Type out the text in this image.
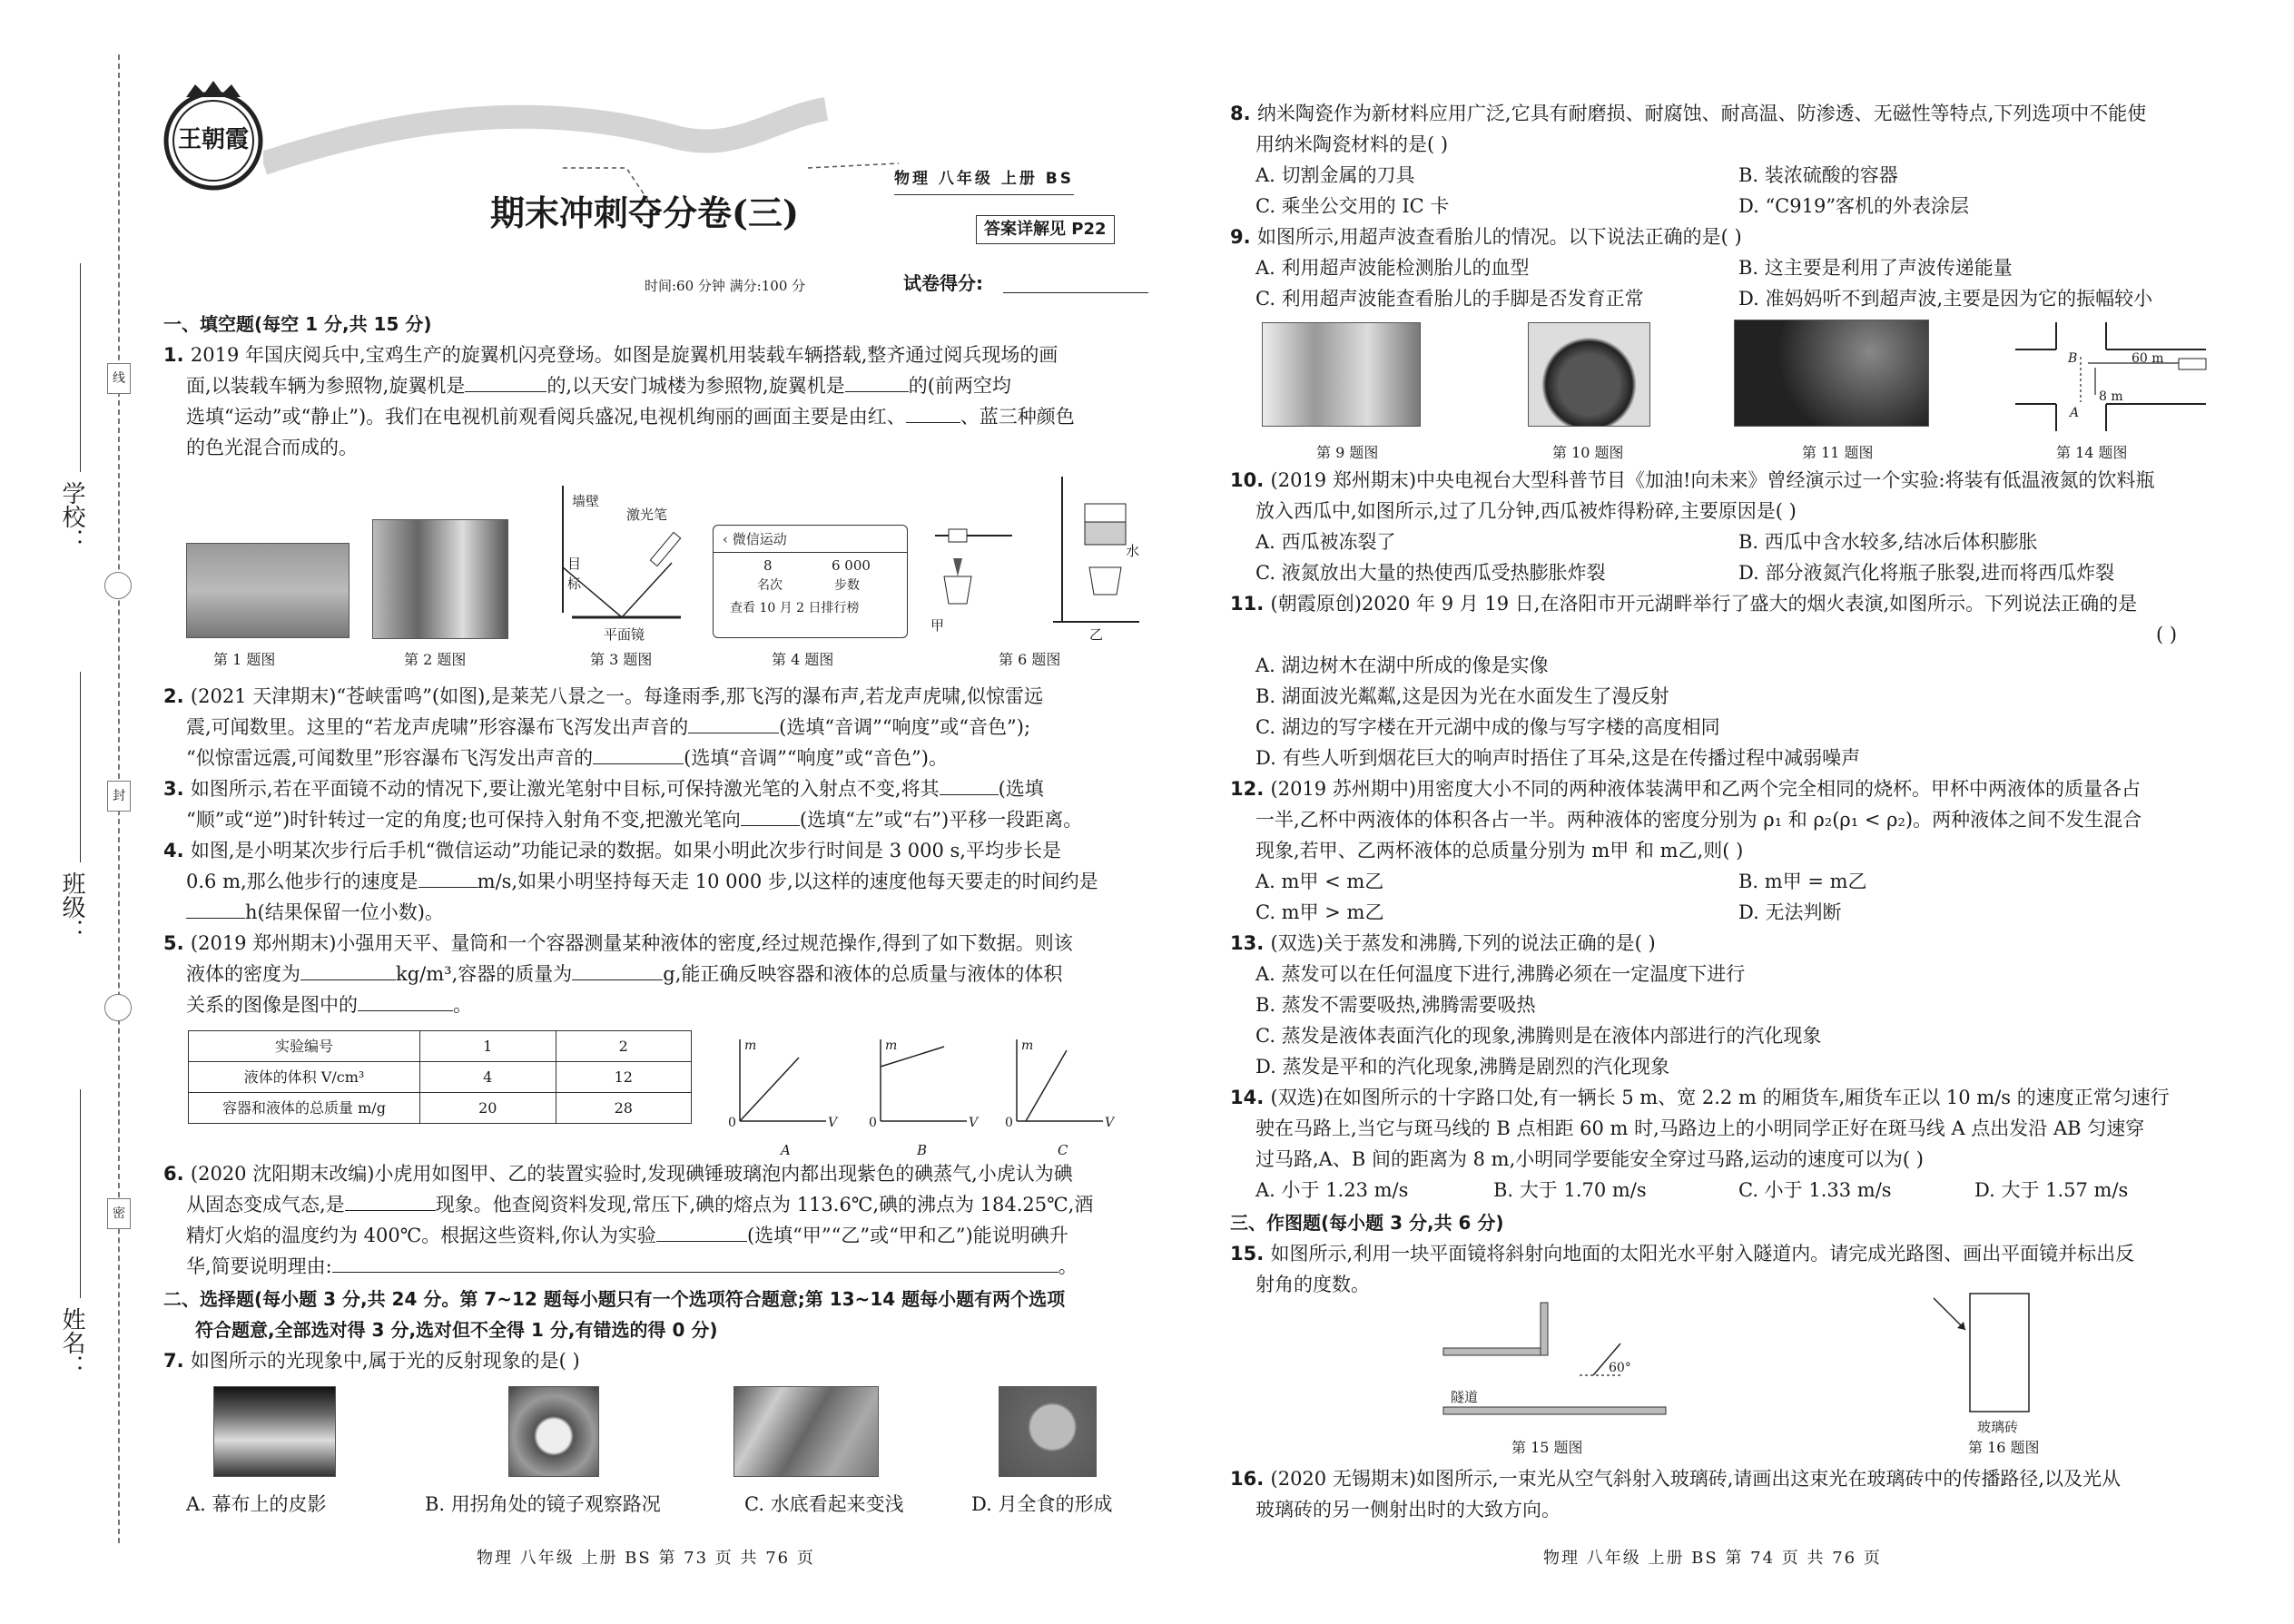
学校：
班级：
姓名：
线
封
密
王朝霞
物理 八年级 上册 BS
期末冲刺夺分卷(三)	答案详解见 P22
时间:60 分钟 满分:100 分	试卷得分:
一、填空题(每空 1 分,共 15 分)
1. 2019 年国庆阅兵中,宝鸡生产的旋翼机闪亮登场。如图是旋翼机用装载车辆搭载,整齐通过阅兵现场的画
面,以装载车辆为参照物,旋翼机是	的,以天安门城楼为参照物,旋翼机是	的(前两空均
选填“运动”或“静止”)。我们在电视机前观看阅兵盛况,电视机绚丽的画面主要是由红、	、蓝三种颜色
的色光混合而成的。
第 1 题图	第 2 题图
墙壁
激光笔
目标
平面镜
第 3 题图
‹ 微信运动
8	6 000
名次	步数
查看 10 月 2 日排行榜
第 4 题图
甲
乙
水
第 6 题图
2. (2021 天津期末)“苍峡雷鸣”(如图),是莱芜八景之一。每逢雨季,那飞泻的瀑布声,若龙声虎啸,似惊雷远
震,可闻数里。这里的“若龙声虎啸”形容瀑布飞泻发出声音的	(选填“音调”“响度”或“音色”);
“似惊雷远震,可闻数里”形容瀑布飞泻发出声音的	(选填“音调”“响度”或“音色”)。
3. 如图所示,若在平面镜不动的情况下,要让激光笔射中目标,可保持激光笔的入射点不变,将其	(选填
“顺”或“逆”)时针转过一定的角度;也可保持入射角不变,把激光笔向	(选填“左”或“右”)平移一段距离。
4. 如图,是小明某次步行后手机“微信运动”功能记录的数据。如果小明此次步行时间是 3 000 s,平均步长是
0.6 m,那么他步行的速度是	m/s,如果小明坚持每天走 10 000 步,以这样的速度他每天要走的时间约是
h(结果保留一位小数)。
5. (2019 郑州期末)小强用天平、量筒和一个容器测量某种液体的密度,经过规范操作,得到了如下数据。则该
液体的密度为	kg/m³,容器的质量为	g,能正确反映容器和液体的总质量与液体的体积
关系的图像是图中的	。
实验编号	1	2
液体的体积 V/cm³	4	12
容器和液体的总质量 m/g	20	28
m
0	V
A
m
0	V
B
m
0	V
C
6. (2020 沈阳期末改编)小虎用如图甲、乙的装置实验时,发现碘锤玻璃泡内都出现紫色的碘蒸气,小虎认为碘
从固态变成气态,是	现象。他查阅资料发现,常压下,碘的熔点为 113.6℃,碘的沸点为 184.25℃,酒
精灯火焰的温度约为 400℃。根据这些资料,你认为实验	(选填“甲”“乙”或“甲和乙”)能说明碘升
华,简要说明理由:	。
二、选择题(每小题 3 分,共 24 分。第 7~12 题每小题只有一个选项符合题意;第 13~14 题每小题有两个选项
符合题意,全部选对得 3 分,选对但不全得 1 分,有错选的得 0 分)
7. 如图所示的光现象中,属于光的反射现象的是( )
A. 幕布上的皮影	B. 用拐角处的镜子观察路况	C. 水底看起来变浅	D. 月全食的形成
物理 八年级 上册 BS 第 73 页 共 76 页
8. 纳米陶瓷作为新材料应用广泛,它具有耐磨损、耐腐蚀、耐高温、防渗透、无磁性等特点,下列选项中不能使
用纳米陶瓷材料的是( )
A. 切割金属的刀具	B. 装浓硫酸的容器
C. 乘坐公交用的 IC 卡	D. “C919”客机的外表涂层
9. 如图所示,用超声波查看胎儿的情况。以下说法正确的是( )
A. 利用超声波能检测胎儿的血型	B. 这主要是利用了声波传递能量
C. 利用超声波能查看胎儿的手脚是否发育正常	D. 准妈妈听不到超声波,主要是因为它的振幅较小
第 9 题图	第 10 题图	第 11 题图
B
A
60 m
8 m
第 14 题图
10. (2019 郑州期末)中央电视台大型科普节目《加油!向未来》曾经演示过一个实验:将装有低温液氮的饮料瓶
放入西瓜中,如图所示,过了几分钟,西瓜被炸得粉碎,主要原因是( )
A. 西瓜被冻裂了	B. 西瓜中含水较多,结冰后体积膨胀
C. 液氮放出大量的热使西瓜受热膨胀炸裂	D. 部分液氮汽化将瓶子胀裂,进而将西瓜炸裂
11. (朝霞原创)2020 年 9 月 19 日,在洛阳市开元湖畔举行了盛大的烟火表演,如图所示。下列说法正确的是
( )
A. 湖边树木在湖中所成的像是实像
B. 湖面波光粼粼,这是因为光在水面发生了漫反射
C. 湖边的写字楼在开元湖中成的像与写字楼的高度相同
D. 有些人听到烟花巨大的响声时捂住了耳朵,这是在传播过程中减弱噪声
12. (2019 苏州期中)用密度大小不同的两种液体装满甲和乙两个完全相同的烧杯。甲杯中两液体的质量各占
一半,乙杯中两液体的体积各占一半。两种液体的密度分别为 ρ₁ 和 ρ₂(ρ₁ < ρ₂)。两种液体之间不发生混合
现象,若甲、乙两杯液体的总质量分别为 m甲 和 m乙,则( )
A. m甲 < m乙	B. m甲 = m乙
C. m甲 > m乙	D. 无法判断
13. (双选)关于蒸发和沸腾,下列的说法正确的是( )
A. 蒸发可以在任何温度下进行,沸腾必须在一定温度下进行
B. 蒸发不需要吸热,沸腾需要吸热
C. 蒸发是液体表面汽化的现象,沸腾则是在液体内部进行的汽化现象
D. 蒸发是平和的汽化现象,沸腾是剧烈的汽化现象
14. (双选)在如图所示的十字路口处,有一辆长 5 m、宽 2.2 m 的厢货车,厢货车正以 10 m/s 的速度正常匀速行
驶在马路上,当它与斑马线的 B 点相距 60 m 时,马路边上的小明同学正好在斑马线 A 点出发沿 AB 匀速穿
过马路,A、B 间的距离为 8 m,小明同学要能安全穿过马路,运动的速度可以为( )
A. 小于 1.23 m/s	B. 大于 1.70 m/s	C. 小于 1.33 m/s	D. 大于 1.57 m/s
三、作图题(每小题 3 分,共 6 分)
15. 如图所示,利用一块平面镜将斜射向地面的太阳光水平射入隧道内。请完成光路图、画出平面镜并标出反
射角的度数。
隧道
60°
第 15 题图
玻璃砖
第 16 题图
16. (2020 无锡期末)如图所示,一束光从空气斜射入玻璃砖,请画出这束光在玻璃砖中的传播路径,以及光从
玻璃砖的另一侧射出时的大致方向。
物理 八年级 上册 BS 第 74 页 共 76 页
